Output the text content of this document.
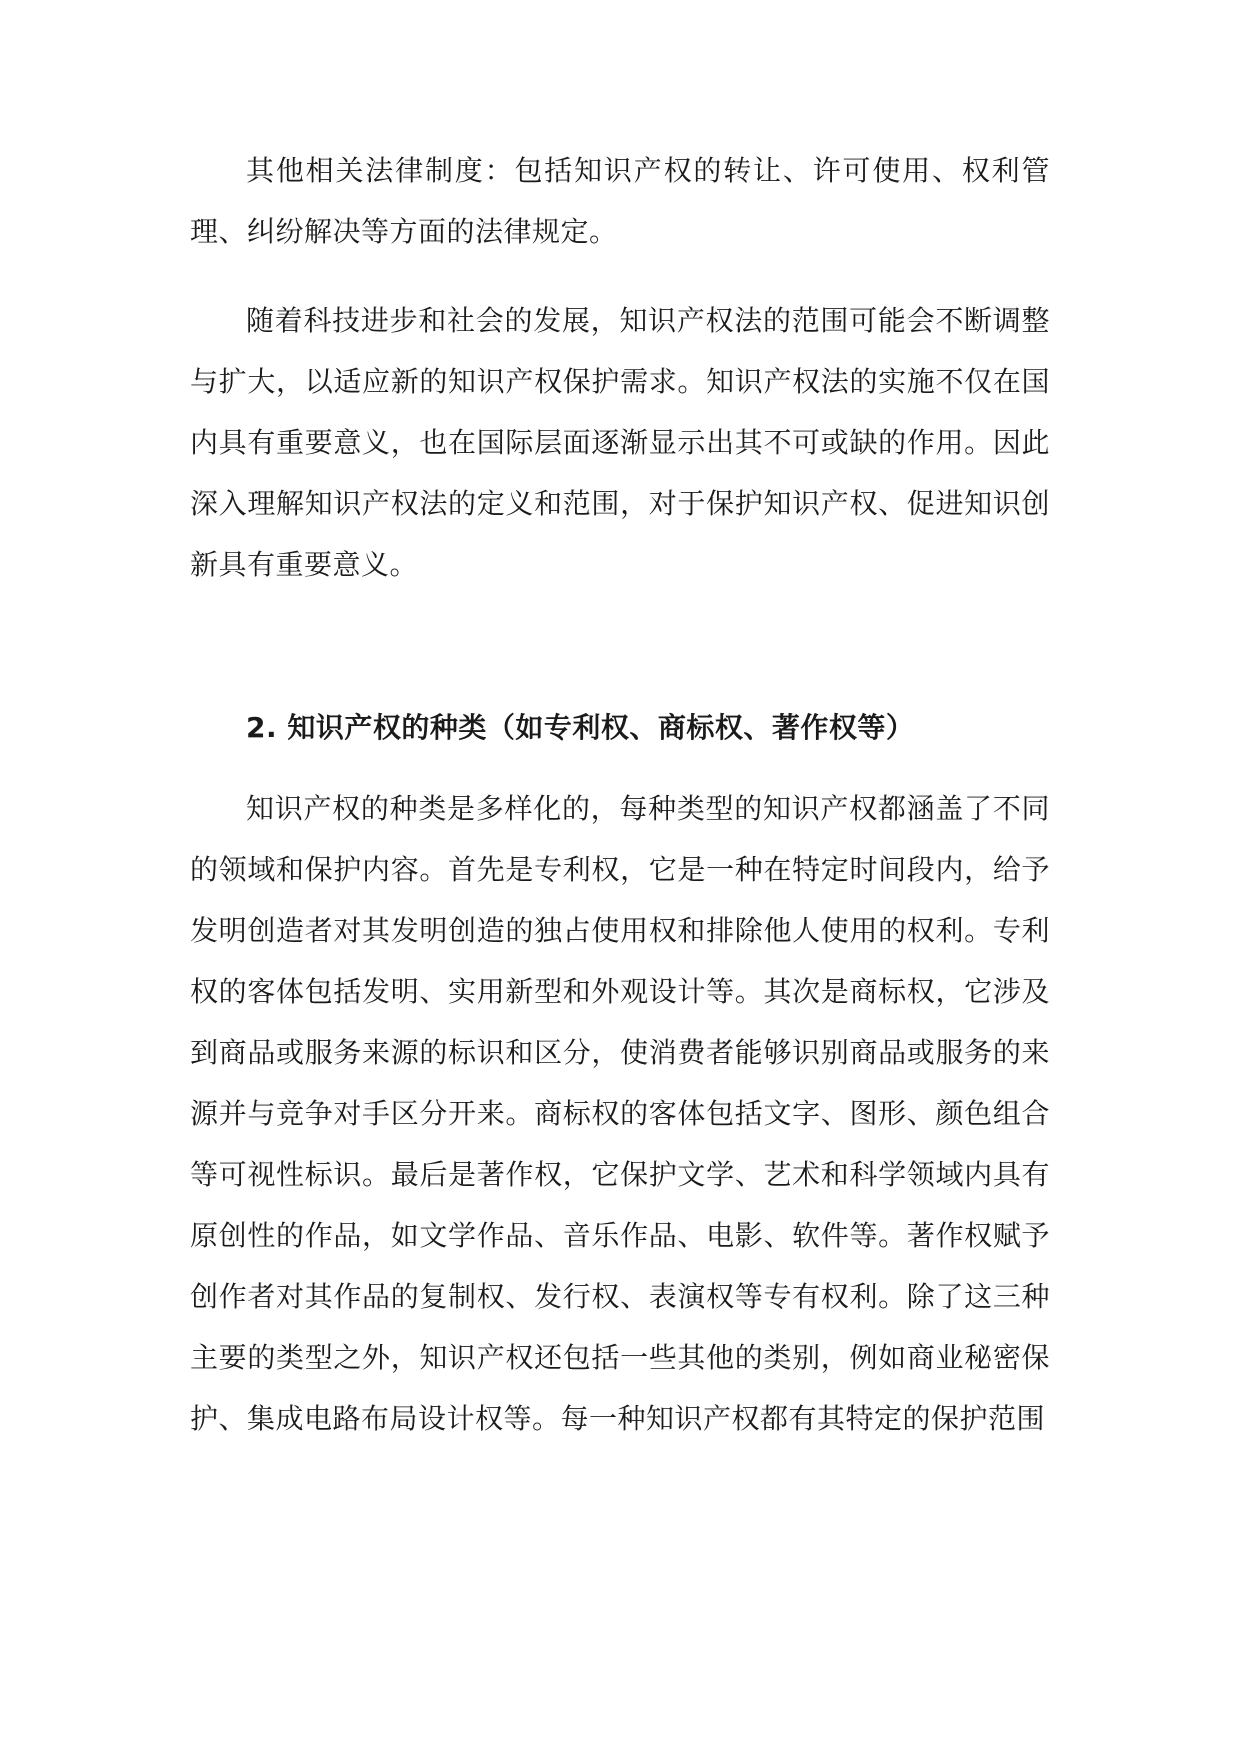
其他相关法律制度：包括知识产权的转让、许可使用、权利管理、纠纷解决等方面的法律规定。

随着科技进步和社会的发展，知识产权法的范围可能会不断调整与扩大，以适应新的知识产权保护需求。知识产权法的实施不仅在国内具有重要意义，也在国际层面逐渐显示出其不可或缺的作用。因此深入理解知识产权法的定义和范围，对于保护知识产权、促进知识创新具有重要意义。

2. 知识产权的种类（如专利权、商标权、著作权等）

知识产权的种类是多样化的，每种类型的知识产权都涵盖了不同的领域和保护内容。首先是专利权，它是一种在特定时间段内，给予发明创造者对其发明创造的独占使用权和排除他人使用的权利。专利权的客体包括发明、实用新型和外观设计等。其次是商标权，它涉及到商品或服务来源的标识和区分，使消费者能够识别商品或服务的来源并与竞争对手区分开来。商标权的客体包括文字、图形、颜色组合等可视性标识。最后是著作权，它保护文学、艺术和科学领域内具有原创性的作品，如文学作品、音乐作品、电影、软件等。著作权赋予创作者对其作品的复制权、发行权、表演权等专有权利。除了这三种主要的类型之外，知识产权还包括一些其他的类别，例如商业秘密保护、集成电路布局设计权等。每一种知识产权都有其特定的保护范围
